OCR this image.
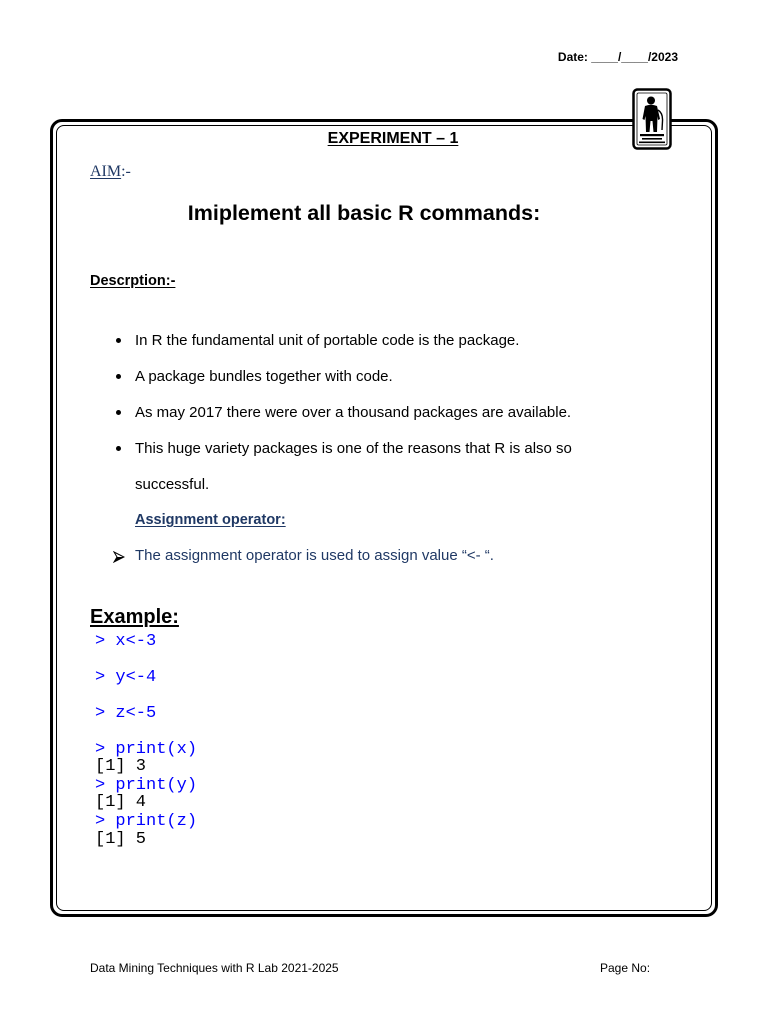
Date: ____/____/2023
EXPERIMENT – 1
AIM:-
Imiplement all basic R commands:
Descrption:-
In R the fundamental unit of portable code is the package.
A package bundles together with code.
As may 2017 there were over a thousand packages are available.
This huge variety packages is one of the reasons that R is also so
successful.
Assignment operator:
The assignment operator is used to assign value “<- “.
Example:
> x<-3
> y<-4
> z<-5
> print(x)
[1] 3
> print(y)
[1] 4
> print(z)
[1] 5
Data Mining Techniques with R Lab 2021-2025	Page No:
